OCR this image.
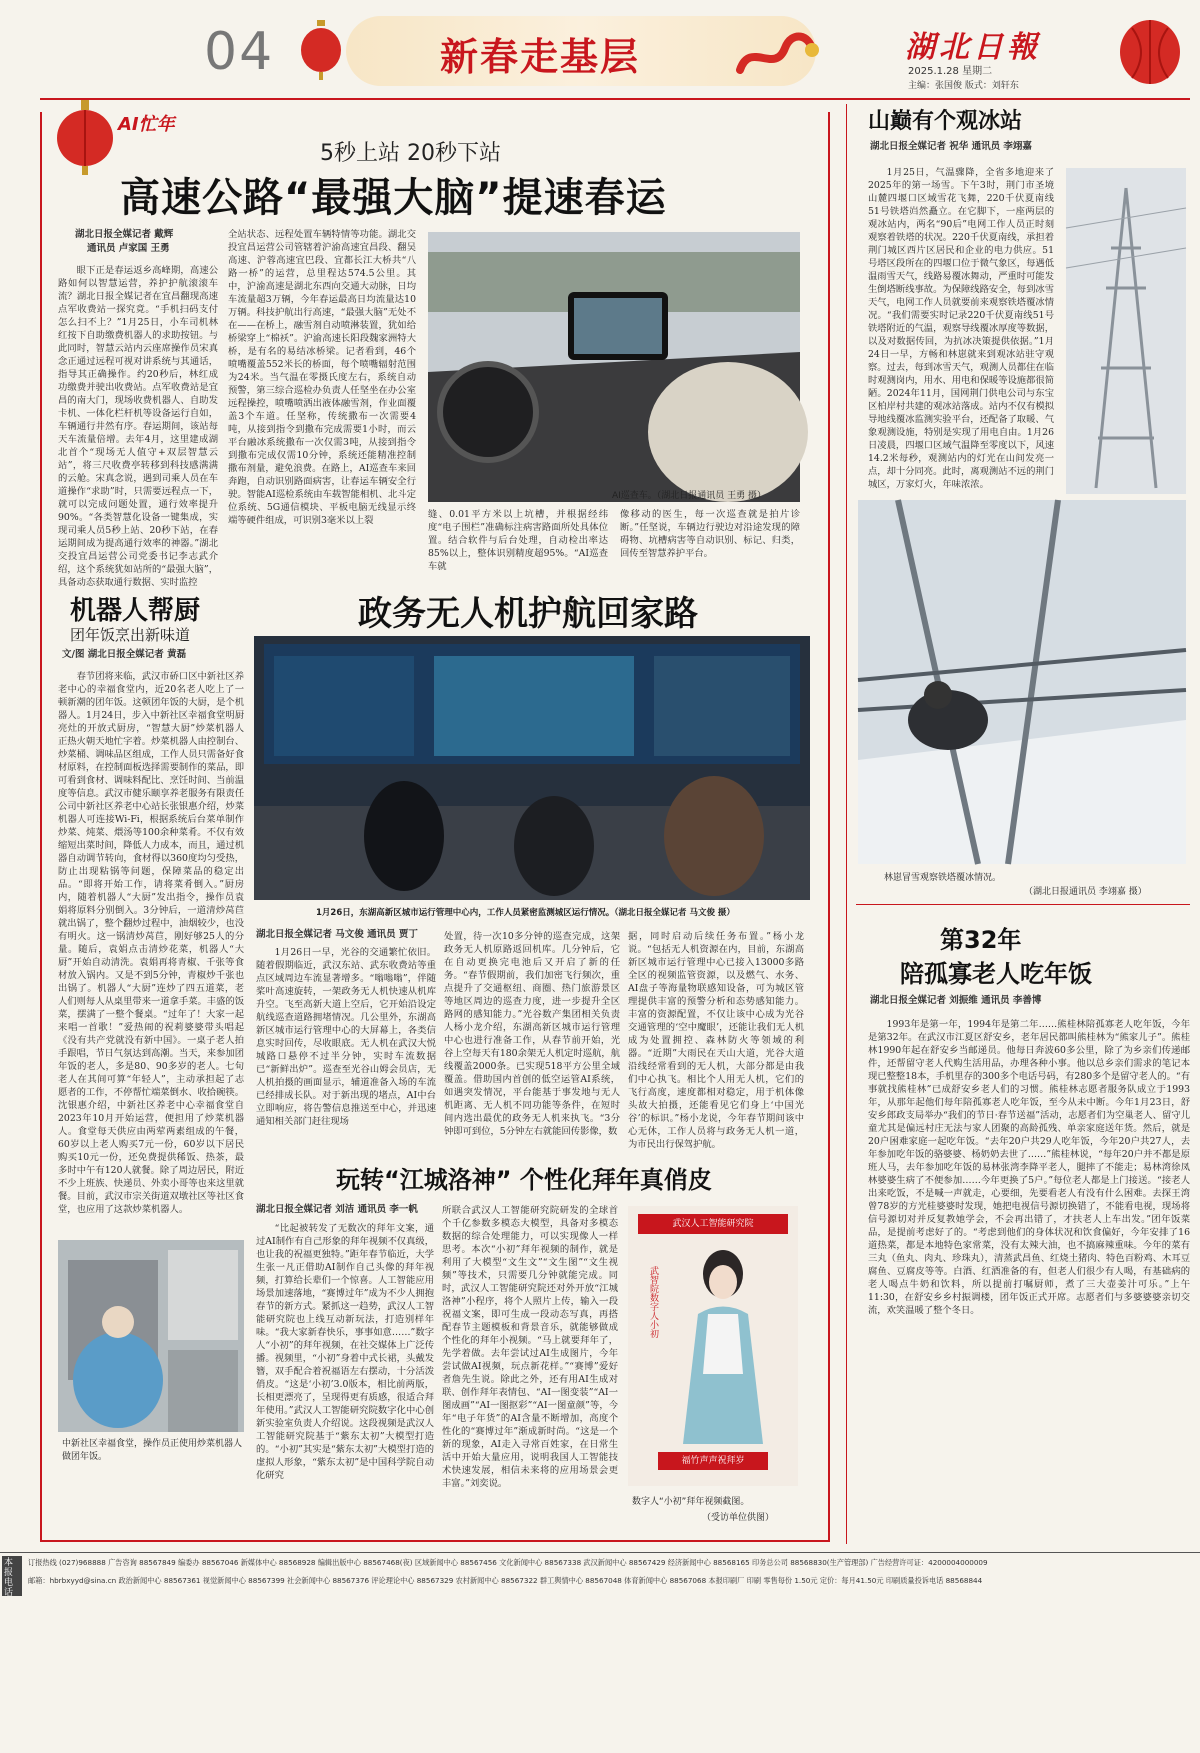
04	新春走基层	湖北日報
2025.1.28 星期二
主编：张国俊 版式：刘轩东
AI忙年
5秒上站 20秒下站
高速公路“最强大脑”提速春运
湖北日报全媒记者 戴辉
通讯员 卢家国 王勇
眼下正是春运返乡高峰期，高速公路如何以智慧运营，养护护航滚滚车流？湖北日报全媒记者在宜昌翻现高速点军收费站一探究竟。“手机扫码支付怎么扫不上？”1月25日，小车司机林红按下自助缴费机器人的求助按钮。与此同时，智慧云站内云座席操作员宋真念正通过远程可视对讲系统与其通话，指导其正确操作。约20秒后，林红成功缴费并驶出收费站。点军收费站是宜昌的南大门，现场收费机器人、自助发卡机、一体化栏杆机等设备运行自如，车辆通行井然有序。春运期间，该站每天车流量倍增。去年4月，这里建成湖北首个“现场无人值守+双层智慧云站”，将三尺收费亭转移到科技感满满的云舱。宋真念说，遇到司乘人员在车道操作“求助”时，只需要远程点一下，就可以完成问题处置，通行效率提升90%。“各类智慧化设备一键集成，实现司乘人员5秒上站、20秒下站，在春运期间成为提高通行效率的神器。”湖北交投宜昌运营公司党委书记李志武介绍，这个系统犹如站所的“最强大脑”，具备动态获取通行数据、实时监控
全站状态、远程处置车辆特情等功能。湖北交投宜昌运营公司管辖着沪渝高速宜昌段、翻吴高速、沪蓉高速宜巴段、宜都长江大桥共“八路一桥”的运营，总里程达574.5公里。其中，沪渝高速是湖北东西向交通大动脉，日均车流量超3万辆，今年春运最高日均流量达10万辆。科技护航出行高速，“最强大脑”无处不在——在桥上，融雪剂自动喷淋装置，犹如给桥梁穿上“棉袄”。沪渝高速长阳段魏家洲特大桥，是有名的易结冰桥梁。记者看到，46个喷嘴覆盖552米长的桥面，每个喷嘴辐射范围为24米。当气温在零摄氏度左右，系统自动预警，第三综合巡检办负责人任坚坐在办公室远程操控，喷嘴喷洒出液体融雪剂，作业面覆盖3个车道。任坚称，传统撒布一次需要4吨，从接到指令到撒布完成需要1小时，而云平台融冰系统撒布一次仅需3吨，从接到指令到撒布完成仅需10分钟，系统还能精准控制撒布剂量，避免浪费。在路上，AI巡查车来回奔跑，自动识别路面病害，让春运车辆安全行驶。智能AI巡检系统由车载智能相机、北斗定位系统、5G通信模块、平板电脑无线显示终端等硬件组成，可识别3毫米以上裂
AI巡查车。（湖北日报通讯员 王勇 摄）
缝、0.01平方米以上坑槽，并根据经纬度“电子围栏”准确标注病害路面所处具体位置。结合软件与后台处理，自动检出率达85%以上，整体识别精度超95%。“AI巡查车就
像移动的医生，每一次巡查就是拍片诊断。”任坚说，车辆边行驶边对沿途发现的障碍物、坑槽病害等自动识别、标记、归类，回传至智慧养护平台。
机器人帮厨
团年饭烹出新味道
文/图 湖北日报全媒记者 黄磊
春节团将来临，武汉市硚口区中新社区养老中心的幸福食堂内，近20名老人吃上了一顿新潮的团年饭。这顿团年饭的大厨，是个机器人。1月24日，步入中新社区幸福食堂明厨亮灶的开放式厨房，“智慧大厨”炒菜机器人正热火朝天地忙字着。炒菜机器人由控制台、炒菜桶、调味品区组成，工作人员只需备好食材原料，在控制面板选择需要制作的菜品，即可看到食材、调味料配比、烹饪时间、当前温度等信息。武汉市健乐颐享养老服务有限责任公司中新社区养老中心站长张银惠介绍，炒菜机器人可连接Wi-Fi，根据系统后台菜单制作炒菜、炖菜、煨汤等100余种菜肴。不仅有效缩短出菜时间，降低人力成本，而且，通过机器自动调节转向，食材得以360度均匀受热，防止出现粘锅等问题，保障菜品的稳定出品。“即将开始工作，请将菜肴倒入。”厨房内，随着机器人“大厨”发出指令，操作员袁娟将原料分别倒入。3分钟后，一道清炒莴苣就出锅了，整个翻炒过程中，油烟较少，也没有明火。这一锅清炒莴苣，刚好够25人的分量。随后，袁娟点击清炒花菜，机器人“大厨”开始自动清洗。袁娟再将青椒、千张等食材放入锅内。又是不到5分钟，青椒炒千张也出锅了。机器人“大厨”连炒了四五道菜，老人们则每人从桌里带来一道拿手菜。丰盛的饭菜，摆满了一整个餐桌。“过年了！大家一起来唱一首歌！”爱热闹的祝莉婆婆带头唱起《没有共产党就没有新中国》。一桌子老人拍手跟唱，节日气氛达到高潮。当天，来参加团年饭的老人，多是80、90多岁的老人。七旬老人在其间可算“年轻人”，主动承担起了志愿者的工作，不停帮忙端菜倒水、收拾碗筷。沈银惠介绍，中新社区养老中心幸福食堂自2023年10月开始运营，便担用了炒菜机器人。食堂每天供应由两荤两素组成的午餐，60岁以上老人购买7元一份，60岁以下居民购买10元一份，还免费提供稀饭、热茶，最多时中午有120人就餐。除了周边居民，附近不少上班族、快递员、外卖小哥等也来这里就餐。目前，武汉市宗关街道双墩社区等社区食堂，也应用了这款炒菜机器人。
中新社区幸福食堂，操作员正使用炒菜机器人做团年饭。
政务无人机护航回家路
1月26日，东湖高新区城市运行管理中心内，工作人员紧密监测城区运行情况。（湖北日报全媒记者 马文俊 摄）
湖北日报全媒记者 马文俊 通讯员 贾丁
1月26日一早，光谷的交通繁忙依旧。随着假期临近，武汉东站、武东收费站等重点区域周边车流显著增多。“嗡嗡嗡”，伴随桨叶高速旋转，一架政务无人机快速从机库升空。飞至高新大道上空后，它开始沿设定航线巡查道路拥堵情况。几公里外，东湖高新区城市运行管理中心的大屏幕上，各类信息实时回传，尽收眼底。无人机在武汉大悦城路口悬停不过半分钟，实时车流数据已“新鲜出炉”。巡查至光谷山姆会员店，无人机拍摄的画面显示，辅道准备入场的车流已经排成长队。对于新出现的堵点，AI中台立即响应，将告警信息推送至中心，并迅速通知相关部门赶往现场
处置，待一次10多分钟的巡查完成，这架政务无人机原路返回机库。几分钟后，它在自动更换完电池后又开启了新的任务。“春节假期前，我们加密飞行频次，重点提升了交通枢纽、商圈、热门旅游景区等地区周边的巡查力度，进一步提升全区路网的感知能力。”光谷数产集团相关负责人杨小龙介绍，东湖高新区城市运行管理中心也进行准备工作，从春节前开始，光谷上空每天有180余架无人机定时巡航，航线覆盖2000条。已实现518平方公里全域覆盖。借助国内首创的低空运管AI系统，如遇突发情况，平台能基于事发地与无人机距离、无人机不同功能等条件，在短时间内选出最优的政务无人机来执飞。“3分钟即可到位，5分钟左右就能回传影像，数
据，同时启动后续任务布置。”杨小龙说。“包括无人机资源在内，目前，东湖高新区城市运行管理中心已接入13000多路全区的视频监管资源，以及燃气、水务、AI盘子等海量物联感知设备，可为城区管理提供丰富的预警分析和态势感知能力。丰富的资源配置，不仅让该中心成为光谷交通管理的‘空中魔眼’，还能让我们无人机成为处置拥控、森林防火等领域的利器。“近期”大雨民在天山大道，光谷大道沿线经常看到的无人机，大部分都是由我们中心执飞。相比个人用无人机，它们的飞行高度，速度都相对稳定，用于机体像头故大拍摄，还能看见它们身上‘中国光谷’的标识。”杨小龙说，今年春节期间该中心无休，工作人员将与政务无人机一道，为市民出行保驾护航。
玩转“江城洛神” 个性化拜年真俏皮
湖北日报全媒记者 刘洁 通讯员 李一帆
“比起被转发了无数次的拜年文案，通过AI制作有自己形象的拜年视频不仅真级，也让我的祝福更独特。”距年春节临近，大学生张一凡正借助AI制作自己头像的拜年视频，打算给长辈们一个惊喜。人工智能应用场景加速落地，“赛博过年”成为不少人拥抱春节的新方式。紧抓这一趋势，武汉人工智能研究院也上线互动新玩法，打造别样年味。“我大家新春快乐，事事如意……”数字人“小初”的拜年视频，在社交媒体上广泛传播。视频里，“小初”身着中式长裙，头戴发簪，双手配合着祝福语左右摆动，十分活泼俏皮。“这是‘小初’3.0版本，相比前两版，长相更漂亮了，呈现得更有质感，很适合拜年使用。”武汉人工智能研究院数字化中心创新实验室负责人介绍说。这段视频是武汉人工智能研究院基于“紫东太初”大模型打造的。“小初”其实是“紫东太初”大模型打造的虚拟人形象，“紫东太初”是中国科学院自动化研究
所联合武汉人工智能研究院研发的全球首个千亿参数多模态大模型，具备对多模态数据的综合处理能力，可以实现像人一样思考。本次“小初”拜年视频的制作，就是利用了大模型“文生文”“文生图”“文生视频”等技术，只需要几分钟就能完成。同时，武汉人工智能研究院还对外开放“江城洛神”小程序，将个人照片上传，输入一段祝福文案，即可生成一段动态写真，再搭配春节主题模板和背景音乐，就能够做成个性化的拜年小视频。“马上就要拜年了，先学着做。去年尝试过AI生成图片，今年尝试做AI视频，玩点新花样。”“赛博”爱好者詹先生说。除此之外，还有用AI生成对联、创作拜年表情包、“AI一图变装”“AI一图成画”“AI一图抠彩”“AI一图童颜”等，今年“电子年货”的AI含量不断增加，高度个性化的“赛博过年”渐成新时尚。“这是一个新的现象，AI走入寻常百姓家，在日常生活中开始大量应用，说明我国人工智能技术快速发展，相信未来将的应用场景会更丰富。”刘奕说。
武汉人工智能研究院
武智院数字人小初
福竹声声祝拜岁
数字人“小初”拜年视频截图。
（受访单位供图）
山巅有个观冰站
湖北日报全媒记者 祝华 通讯员 李翊嘉
1月25日，气温骤降，全省多地迎来了2025年的第一场雪。下午3时，荆门市圣境山麓四堰口区域雪花飞舞，220千伏夏南线51号铁塔岿然矗立。在它脚下，一座两层的观冰站内，两名“90后”电网工作人员正时刻观察着铁塔的状况。220千伏夏南线，承担着荆门城区西片区居民和企业的电力供应。51号塔区段所在的四堰口位于微气象区，每遇低温雨雪天气，线路易覆冰舞动，严重时可能发生倒塔断线事故。为保障线路安全，每到冰雪天气，电网工作人员就要前来观察铁塔覆冰情况。“我们需要实时记录220千伏夏南线51号铁塔附近的气温，观察导线覆冰厚度等数据，以及对数据传回，为抗冰决策提供依据。”1月24日一早，方畅和林崽就来到观冰站驻守观察。过去，每到冰雪天气，观测人员都住在临时观测岗内，用水、用电和保暖等设施都很简陋。2024年11月，国网荆门供电公司与东宝区柏岸村共建的观冰站落成。站内不仅有模拟导地线覆冰监测实验平台，还配备了取暖、气象观测设施，特别是实现了用电自由。1月26日凌晨，四堰口区域气温降至零度以下，风速14.2米每秒，观测站内的灯光在山间发亮一点，却十分同亮。此时，离观测站不远的荆门城区，万家灯火，年味浓浓。
林崽冒雪观察铁塔覆冰情况。
（湖北日报通讯员 李翊嘉 摄）
第32年
陪孤寡老人吃年饭
湖北日报全媒记者 刘振维 通讯员 李善博
1993年是第一年，1994年是第二年……熊桂林陪孤寡老人吃年饭，今年是第32年。在武汉市江夏区舒安乡，老年居民都叫熊桂林为“熊家儿子”。熊桂林1990年起在舒安乡当邮递员。他每日奔波60多公里，除了为乡亲们传递邮件，还帮留守老人代购生活用品，办理各种小事。他以总乡亲们需求的笔记本现已整整18本，手机里存的300多个电话号码，有280多个是留守老人的。“有事就找熊桂林”已成舒安乡老人们的习惯。熊桂林志愿者服务队成立于1993年，从那年起他们每年陪孤寡老人吃年饭，至今从未中断。今年1月23日，舒安乡郎政支局举办“我们的节日·春节送福”活动，志愿者们为空巢老人、留守儿童尤其是偏远村庄无法与家人团聚的高龄孤残、单亲家庭送年货。然后，就是20户困难家庭一起吃年饭。“去年20户共29人吃年饭，今年20户共27人，去年参加吃年饭的骆婆婆、杨奶奶去世了……”熊桂林说，“每年20户并不都是原班人马，去年参加吃年饭的易林张湾李降平老人，腿摔了不能走；易林湾徐凤林婆婆生病了不便参加……今年更换了5户。”每位老人都是上门接送。“接老人出来吃饭，不是喊一声就走，心要细，先要看老人有没有什么困难。去探王湾曾78岁的方光桂婆婆时发现，她把电视信号源切换错了，不能看电视，现场将信号源切对并反复教她学会，不会再出错了，才扶老人上车出发。”团年饭菜品，是提前考虑好了的。“考虑到他们的身体状况和饮食偏好，今年安排了16道热菜，都是本地特色家常菜，没有太辣大油，也不搞麻辣重味。今年的菜有三丸（鱼丸、肉丸、珍珠丸），清蒸武昌鱼、红烧土猪肉、特色百粉鸡、木耳豆腐鱼、豆腐皮等等。白酒、红酒准备的有，但老人们很少有人喝，有基础病的老人喝点牛奶和饮料，所以提前打嘱厨师，煮了三大壶姜汁可乐。”上午11:30，在舒安乡乡村振调楼，团年饭正式开席。志愿者们与多婆婆婆亲切交流，欢笑温暖了整个冬日。
本报电话
订报热线 (027)968888 广告咨询 88567849 编委办 88567046 新媒体中心 88568928 编辑出版中心 88567468(夜) 区域新闻中心 88567456 文化新闻中心 88567338 武汉新闻中心 88567429 经济新闻中心 88568165 印务总公司 88568830(生产管理部) 广告经营许可证：4200004000009
邮箱：hbrbxyyd@sina.cn 政治新闻中心 88567361 视觉新闻中心 88567399 社会新闻中心 88567376 评论理论中心 88567329 农村新闻中心 88567322 群工舆情中心 88567048 体育新闻中心 88567068 本报印刷厂 印刷 零售每份 1.50元 定价：每月41.50元 印刷质量投诉电话 88568844
